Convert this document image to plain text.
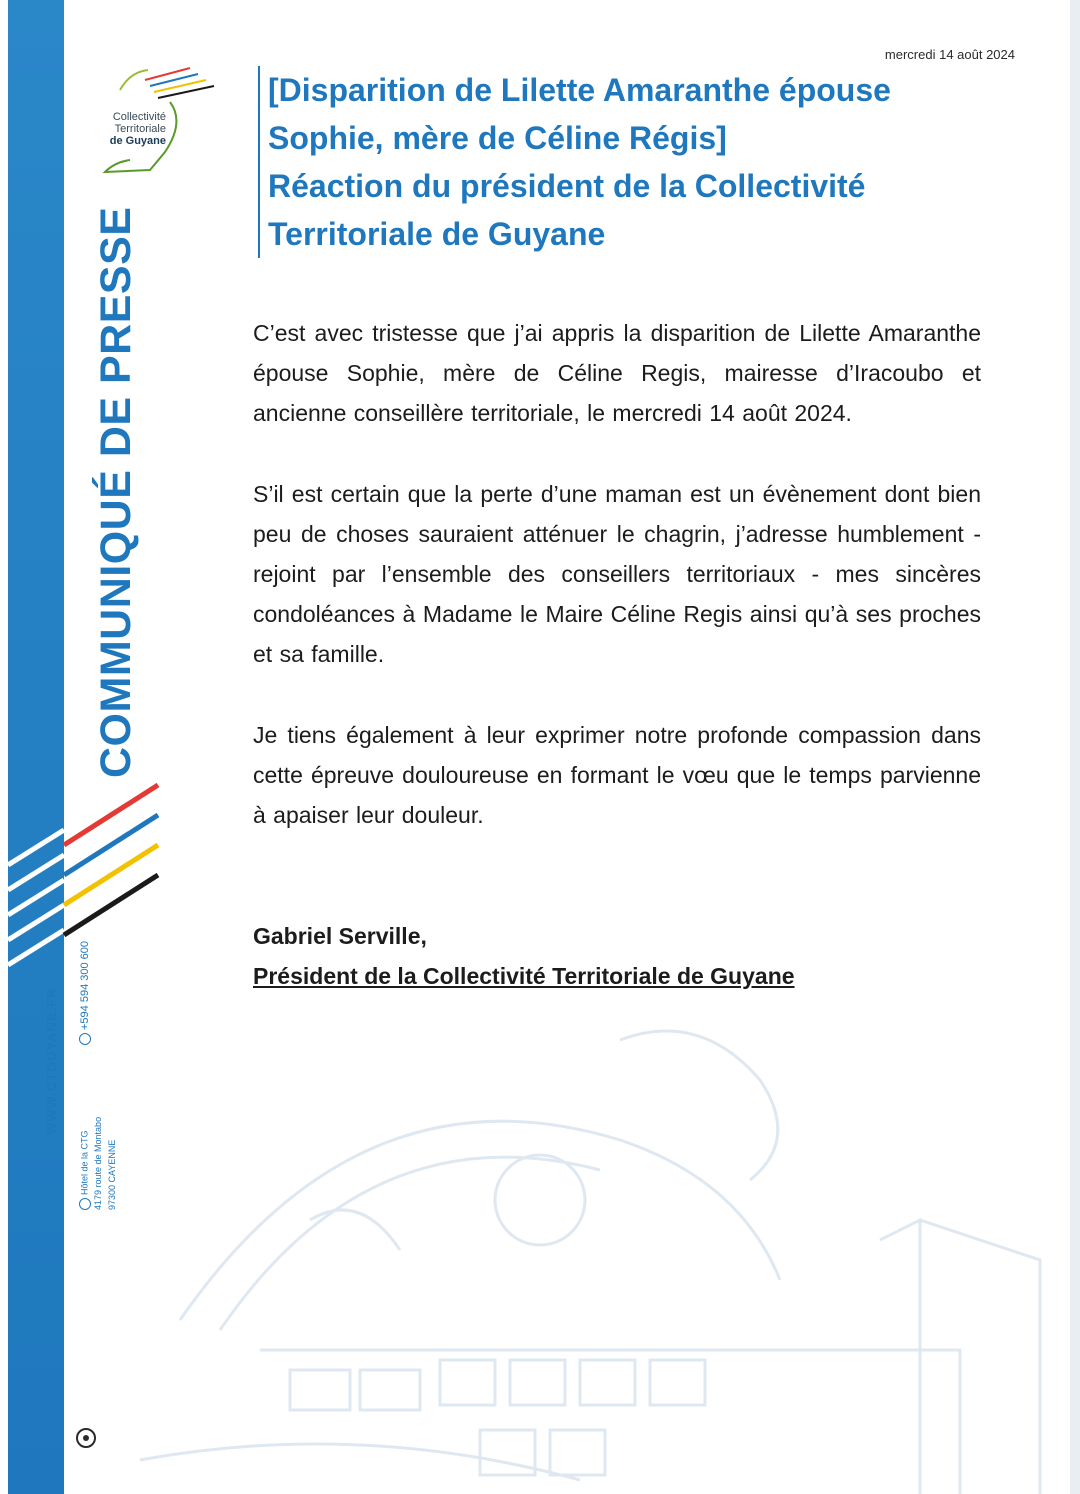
Collectivité
Territoriale
de Guyane
COMMUNIQUÉ DE PRESSE
WWW.CTGUYANE.FR
+594 594 300 600
Hôtel de la CTG 4179 route de Montabo 97300 CAYENNE
mercredi 14 août 2024

[Disparition de Lilette Amaranthe épouse

Sophie, mère de Céline Régis]

Réaction du président de la Collectivité

Territoriale de Guyane

C’est avec tristesse que j’ai appris la disparition de Lilette Amaranthe épouse Sophie, mère de Céline Regis, mairesse d’Iracoubo et ancienne conseillère territoriale, le mercredi 14 août 2024.

S’il est certain que la perte d’une maman est un évènement dont bien peu de choses sauraient atténuer le chagrin, j’adresse humblement - rejoint par l’ensemble des conseillers territoriaux - mes sincères condoléances à Madame le Maire Céline Regis ainsi qu’à ses proches et sa famille.

Je tiens également à leur exprimer notre profonde compassion dans cette épreuve douloureuse en formant le vœu que le temps parvienne à apaiser leur douleur.

Gabriel Serville,

Président de la Collectivité Territoriale de Guyane
